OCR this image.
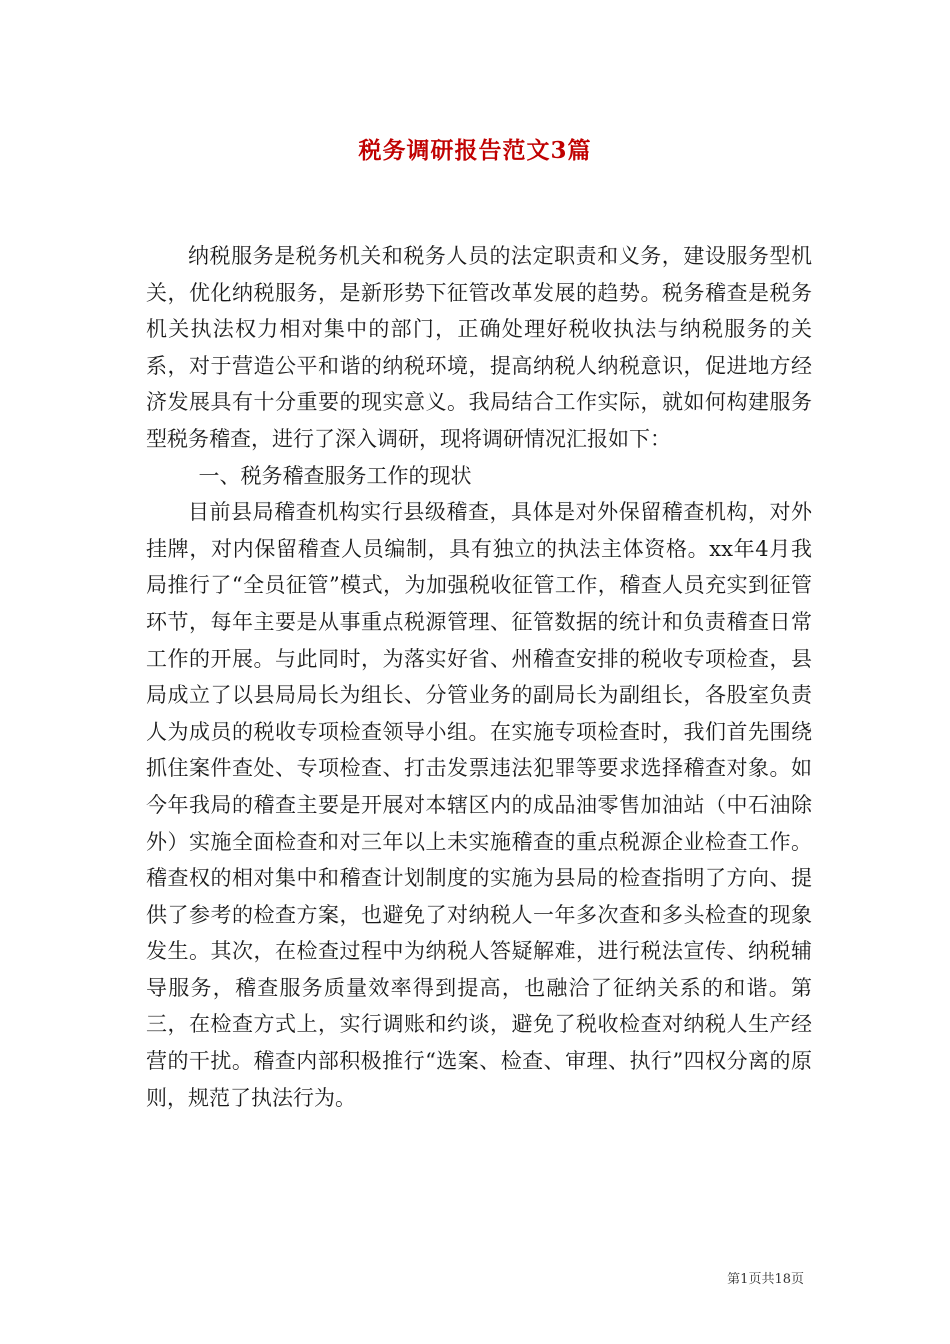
税务调研报告范文3篇

纳税服务是税务机关和税务人员的法定职责和义务，建设服务型机关，优化纳税服务，是新形势下征管改革发展的趋势。税务稽查是税务机关执法权力相对集中的部门，正确处理好税收执法与纳税服务的关系，对于营造公平和谐的纳税环境，提高纳税人纳税意识，促进地方经济发展具有十分重要的现实意义。我局结合工作实际，就如何构建服务型税务稽查，进行了深入调研，现将调研情况汇报如下：

一、税务稽查服务工作的现状

目前县局稽查机构实行县级稽查，具体是对外保留稽查机构，对外挂牌，对内保留稽查人员编制，具有独立的执法主体资格。xx年4月我局推行了“全员征管”模式，为加强税收征管工作，稽查人员充实到征管环节，每年主要是从事重点税源管理、征管数据的统计和负责稽查日常工作的开展。与此同时，为落实好省、州稽查安排的税收专项检查，县局成立了以县局局长为组长、分管业务的副局长为副组长，各股室负责人为成员的税收专项检查领导小组。在实施专项检查时，我们首先围绕抓住案件查处、专项检查、打击发票违法犯罪等要求选择稽查对象。如今年我局的稽查主要是开展对本辖区内的成品油零售加油站（中石油除外）实施全面检查和对三年以上未实施稽查的重点税源企业检查工作。稽查权的相对集中和稽查计划制度的实施为县局的检查指明了方向、提供了参考的检查方案，也避免了对纳税人一年多次查和多头检查的现象发生。其次，在检查过程中为纳税人答疑解难，进行税法宣传、纳税辅导服务，稽查服务质量效率得到提高，也融洽了征纳关系的和谐。第三，在检查方式上，实行调账和约谈，避免了税收检查对纳税人生产经营的干扰。稽查内部积极推行“选案、检查、审理、执行”四权分离的原则，规范了执法行为。

第1页共18页
